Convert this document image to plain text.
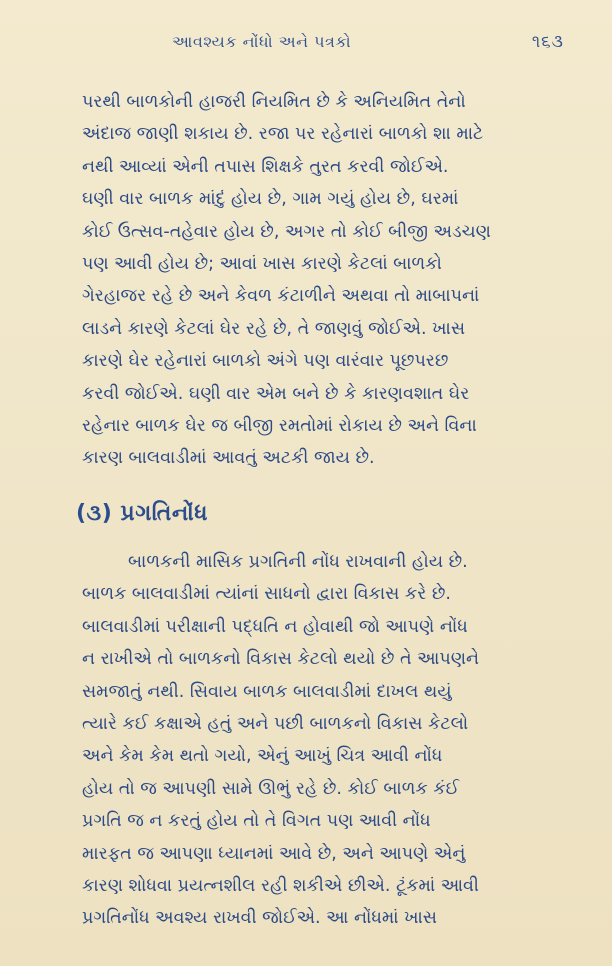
આવશ્યક નોંધો અને પત્રકો	૧૬૩

પરથી બાળકોની હાજરી નિયમિત છે કે અનિયમિત તેનો
અંદાજ જાણી શકાય છે. રજા પર રહેનારાં બાળકો શા માટે
નથી આવ્યાં એની તપાસ શિક્ષકે તુરત કરવી જોઈએ.
ઘણી વાર બાળક માંદું હોય છે, ગામ ગયું હોય છે, ઘરમાં
કોઈ ઉત્સવ-તહેવાર હોય છે, અગર તો કોઈ બીજી અડચણ
પણ આવી હોય છે; આવાં ખાસ કારણે કેટલાં બાળકો
ગેરહાજર રહે છે અને કેવળ કંટાળીને અથવા તો માબાપનાં
લાડને કારણે કેટલાં ઘેર રહે છે, તે જાણવું જોઈએ. ખાસ
કારણે ઘેર રહેનારાં બાળકો અંગે પણ વારંવાર પૂછપરછ
કરવી જોઈએ. ઘણી વાર એમ બને છે કે કારણવશાત ઘેર
રહેનાર બાળક ઘેર જ બીજી રમતોમાં રોકાય છે અને વિના
કારણ બાલવાડીમાં આવતું અટકી જાય છે.

(૩) પ્રગતિનોંધ

બાળકની માસિક પ્રગતિની નોંધ રાખવાની હોય છે.
બાળક બાલવાડીમાં ત્યાંનાં સાધનો દ્વારા વિકાસ કરે છે.
બાલવાડીમાં પરીક્ષાની પદ્ધતિ ન હોવાથી જો આપણે નોંધ
ન રાખીએ તો બાળકનો વિકાસ કેટલો થયો છે તે આપણને
સમજાતું નથી. સિવાય બાળક બાલવાડીમાં દાખલ થયું
ત્યારે કઈ કક્ષાએ હતું અને પછી બાળકનો વિકાસ કેટલો
અને કેમ કેમ થતો ગયો, એનું આખું ચિત્ર આવી નોંધ
હોય તો જ આપણી સામે ઊભું રહે છે. કોઈ બાળક કંઈ
પ્રગતિ જ ન કરતું હોય તો તે વિગત પણ આવી નોંધ
મારફત જ આપણા ધ્યાનમાં આવે છે, અને આપણે એનું
કારણ શોધવા પ્રયત્નશીલ રહી શકીએ છીએ. ટૂંકમાં આવી
પ્રગતિનોંધ અવશ્ય રાખવી જોઈએ. આ નોંધમાં ખાસ
